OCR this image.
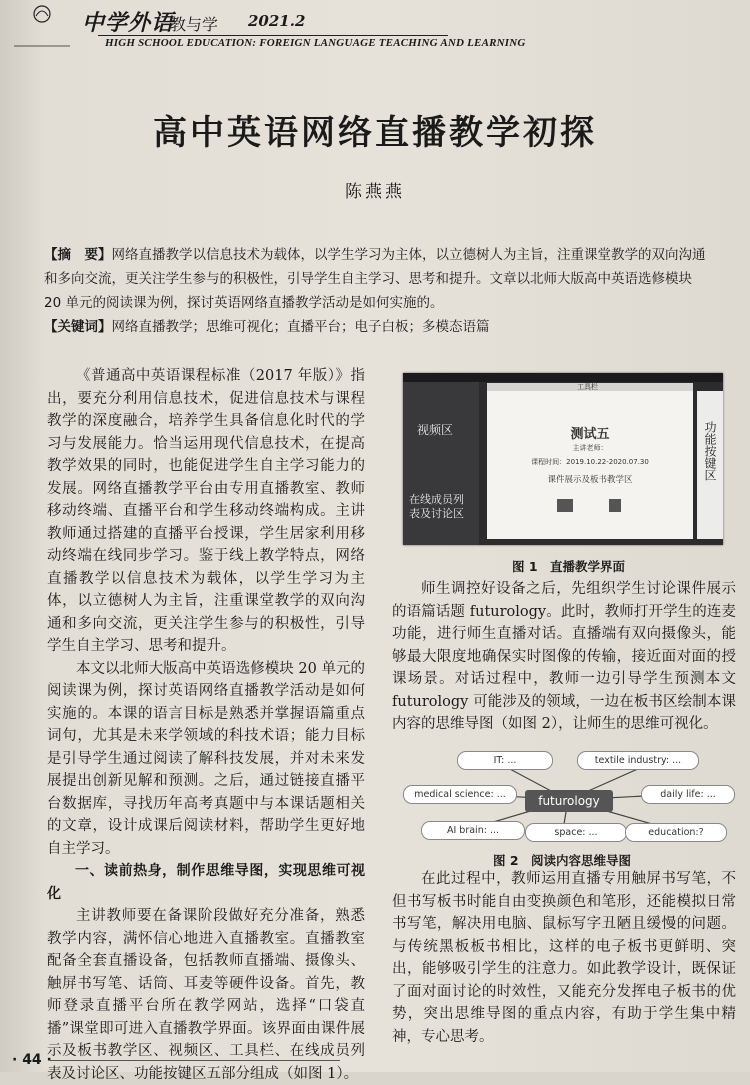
中学外语
教与学 2021.2
HIGH SCHOOL EDUCATION: FOREIGN LANGUAGE TEACHING AND LEARNING
高中英语网络直播教学初探
陈燕燕

【摘　要】网络直播教学以信息技术为载体，以学生学习为主体，以立德树人为主旨，注重课堂教学的双向沟通和多向交流，更关注学生参与的积极性，引导学生自主学习、思考和提升。文章以北师大版高中英语选修模块 20 单元的阅读课为例，探讨英语网络直播教学活动是如何实施的。

【关键词】网络直播教学；思维可视化；直播平台；电子白板；多模态语篇

《普通高中英语课程标准（2017 年版）》指出，要充分利用信息技术，促进信息技术与课程教学的深度融合，培养学生具备信息化时代的学习与发展能力。恰当运用现代信息技术，在提高教学效果的同时，也能促进学生自主学习能力的发展。网络直播教学平台由专用直播教室、教师移动终端、直播平台和学生移动终端构成。主讲教师通过搭建的直播平台授课，学生居家利用移动终端在线同步学习。鉴于线上教学特点，网络直播教学以信息技术为载体，以学生学习为主体，以立德树人为主旨，注重课堂教学的双向沟通和多向交流，更关注学生参与的积极性，引导学生自主学习、思考和提升。

本文以北师大版高中英语选修模块 20 单元的阅读课为例，探讨英语网络直播教学活动是如何实施的。本课的语言目标是熟悉并掌握语篇重点词句，尤其是未来学领域的科技术语；能力目标是引导学生通过阅读了解科技发展，并对未来发展提出创新见解和预测。之后，通过链接直播平台数据库，寻找历年高考真题中与本课话题相关的文章，设计成课后阅读材料，帮助学生更好地自主学习。

一、读前热身，制作思维导图，实现思维可视化

主讲教师要在备课阶段做好充分准备，熟悉教学内容，满怀信心地进入直播教室。直播教室配备全套直播设备，包括教师直播端、摄像头、触屏书写笔、话筒、耳麦等硬件设备。首先，教师登录直播平台所在教学网站，选择“口袋直播”课堂即可进入直播教学界面。该界面由课件展示及板书教学区、视频区、工具栏、在线成员列表及讨论区、功能按键区五部分组成（如图 1）。

视频区
在线成员列表及讨论区
工具栏
测试五
主讲老师：
课程时间：2019.10.22-2020.07.30
课件展示及板书教学区	功能按键区
图 1　直播教学界面

师生调控好设备之后，先组织学生讨论课件展示的语篇话题 futurology。此时，教师打开学生的连麦功能，进行师生直播对话。直播端有双向摄像头，能够最大限度地确保实时图像的传输，接近面对面的授课场景。对话过程中，教师一边引导学生预测本文 futurology 可能涉及的领域，一边在板书区绘制本课内容的思维导图（如图 2），让师生的思维可视化。

IT: ...	textile industry: ...
medical science: ...	daily life: ...
AI brain: ...	space: ...	education:?
futurology
图 2　阅读内容思维导图

在此过程中，教师运用直播专用触屏书写笔，不但书写板书时能自由变换颜色和笔形，还能模拟日常书写笔，解决用电脑、鼠标写字丑陋且缓慢的问题。与传统黑板板书相比，这样的电子板书更鲜明、突出，能够吸引学生的注意力。如此教学设计，既保证了面对面讨论的时效性，又能充分发挥电子板书的优势，突出思维导图的重点内容，有助于学生集中精神，专心思考。

· 44 ·
